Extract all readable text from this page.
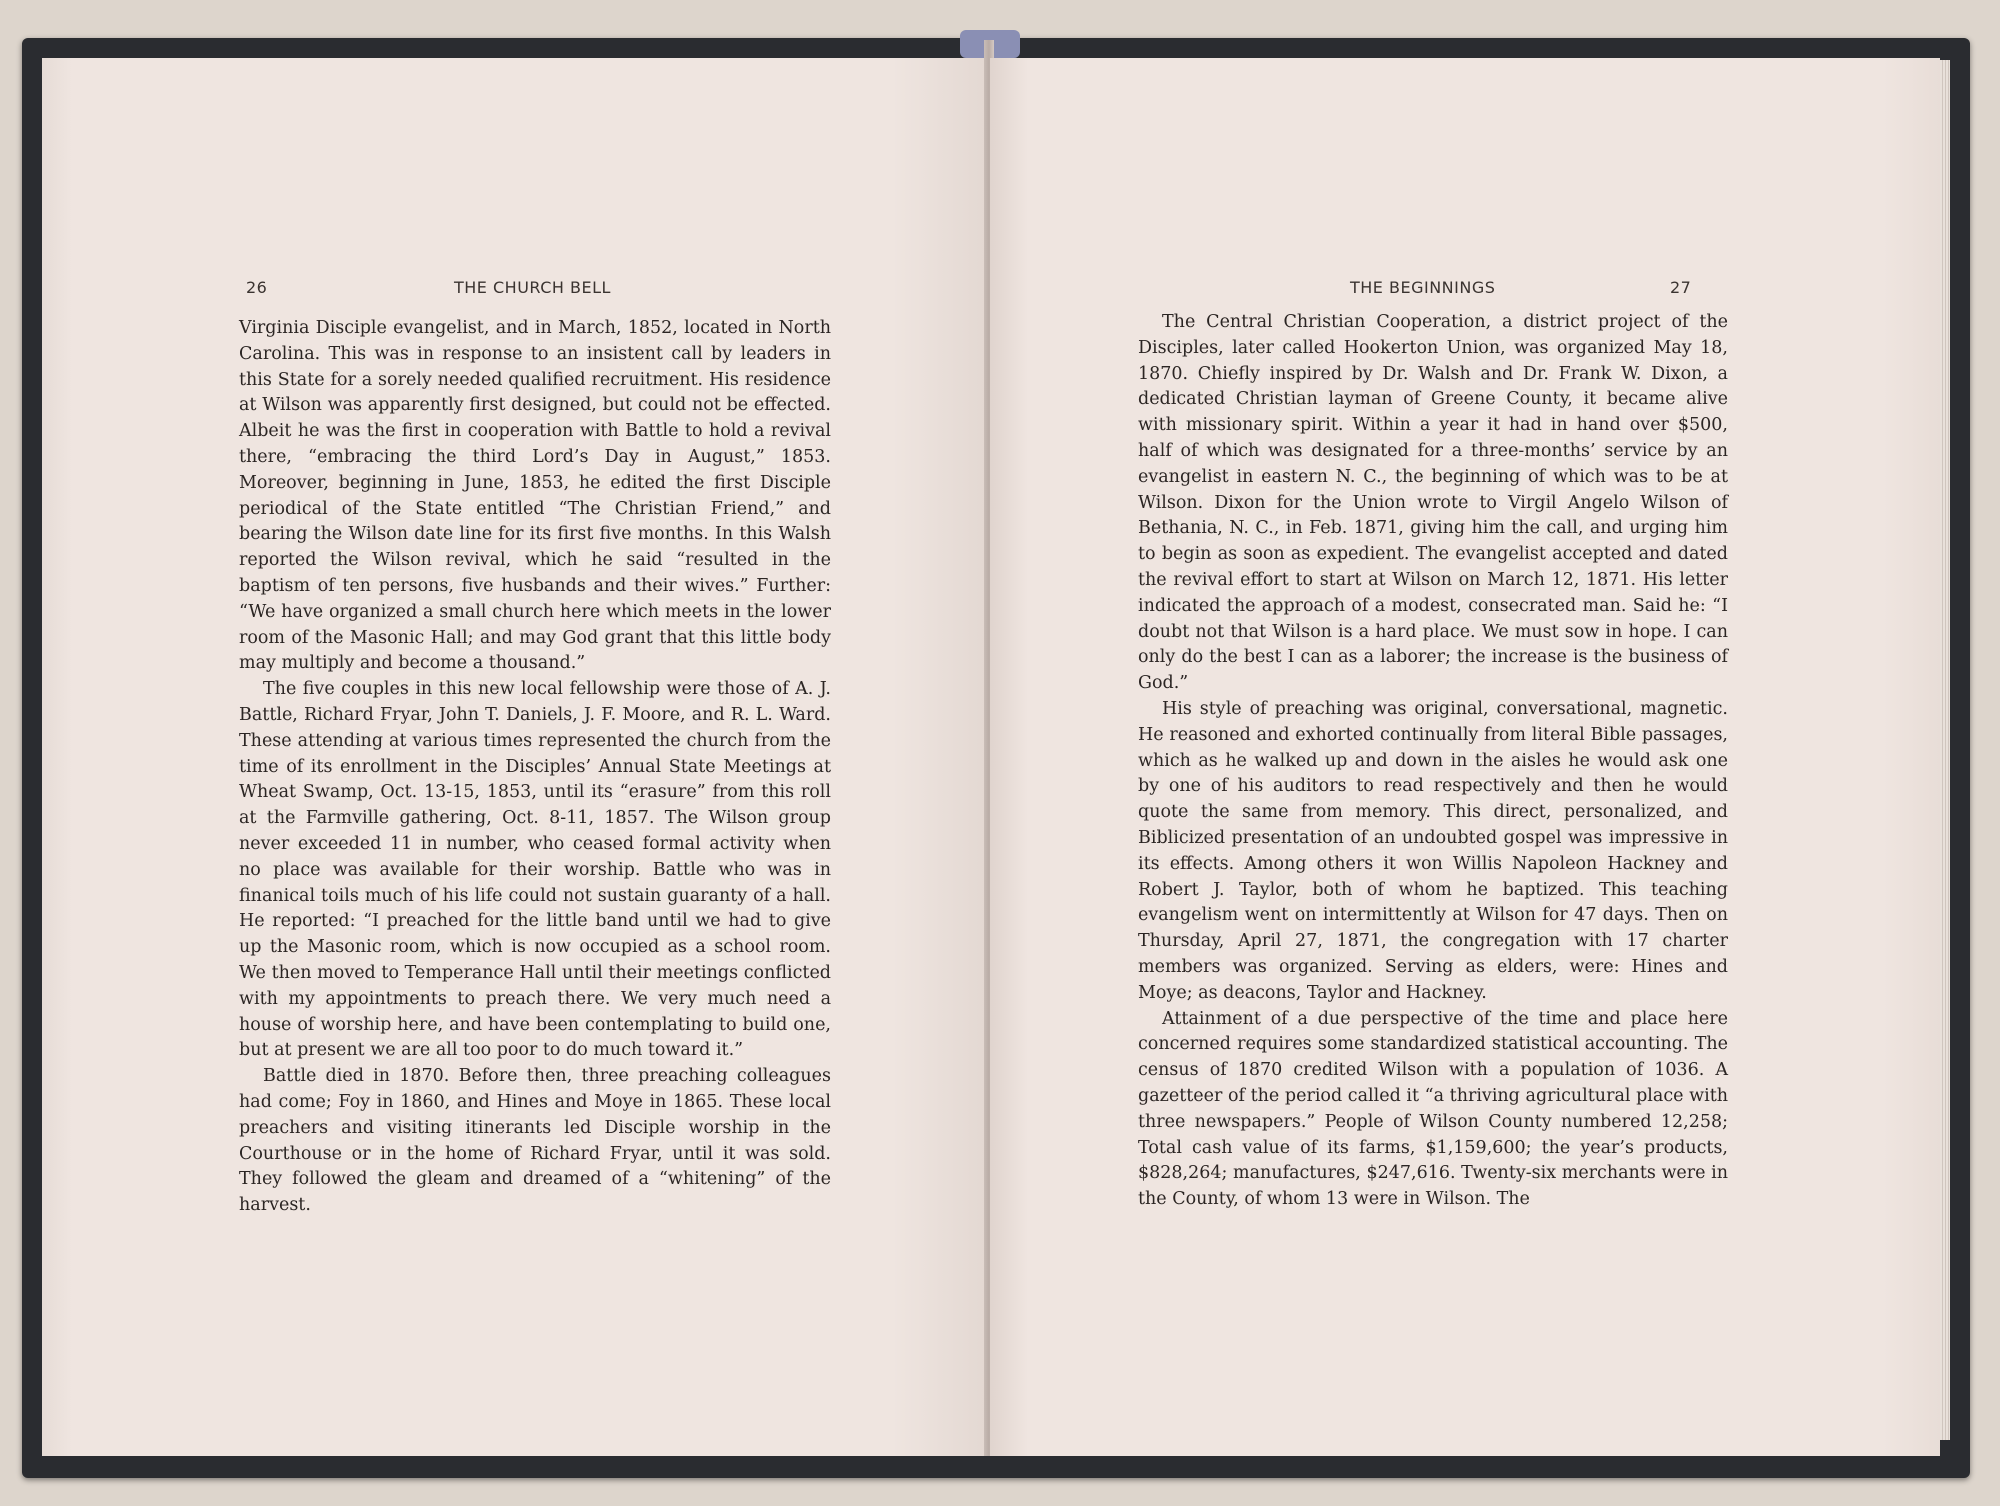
26	THE CHURCH BELL

Virginia Disciple evangelist, and in March, 1852, located in North Carolina. This was in response to an insistent call by leaders in this State for a sorely needed qualified recruitment. His residence at Wilson was apparently first designed, but could not be effected. Albeit he was the first in cooperation with Battle to hold a revival there, “embracing the third Lord’s Day in August,” 1853. Moreover, beginning in June, 1853, he edited the first Disciple periodical of the State entitled “The Christian Friend,” and bearing the Wilson date line for its first five months. In this Walsh reported the Wilson revival, which he said “resulted in the baptism of ten persons, five husbands and their wives.” Further: “We have organized a small church here which meets in the lower room of the Masonic Hall; and may God grant that this little body may multiply and become a thousand.”

The five couples in this new local fellowship were those of A. J. Battle, Richard Fryar, John T. Daniels, J. F. Moore, and R. L. Ward. These attending at various times represented the church from the time of its enrollment in the Disciples’ Annual State Meetings at Wheat Swamp, Oct. 13-15, 1853, until its “erasure” from this roll at the Farmville gathering, Oct. 8-11, 1857. The Wilson group never exceeded 11 in number, who ceased formal activity when no place was available for their worship. Battle who was in finanical toils much of his life could not sustain guaranty of a hall. He reported: “I preached for the little band until we had to give up the Masonic room, which is now occupied as a school room. We then moved to Temperance Hall until their meetings conflicted with my appointments to preach there. We very much need a house of worship here, and have been contemplating to build one, but at present we are all too poor to do much toward it.”

Battle died in 1870. Before then, three preaching colleagues had come; Foy in 1860, and Hines and Moye in 1865. These local preachers and visiting itinerants led Disciple worship in the Courthouse or in the home of Richard Fryar, until it was sold. They followed the gleam and dreamed of a “whitening” of the harvest.

THE BEGINNINGS	27

The Central Christian Cooperation, a district project of the Disciples, later called Hookerton Union, was organized May 18, 1870. Chiefly inspired by Dr. Walsh and Dr. Frank W. Dixon, a dedicated Christian layman of Greene County, it became alive with missionary spirit. Within a year it had in hand over $500, half of which was designated for a three-months’ service by an evangelist in eastern N. C., the beginning of which was to be at Wilson. Dixon for the Union wrote to Virgil Angelo Wilson of Bethania, N. C., in Feb. 1871, giving him the call, and urging him to begin as soon as expedient. The evangelist accepted and dated the revival effort to start at Wilson on March 12, 1871. His letter indicated the approach of a modest, consecrated man. Said he: “I doubt not that Wilson is a hard place. We must sow in hope. I can only do the best I can as a laborer; the increase is the business of God.”

His style of preaching was original, conversational, magnetic. He reasoned and exhorted continually from literal Bible passages, which as he walked up and down in the aisles he would ask one by one of his auditors to read respectively and then he would quote the same from memory. This direct, personalized, and Biblicized presentation of an undoubted gospel was impressive in its effects. Among others it won Willis Napoleon Hackney and Robert J. Taylor, both of whom he baptized. This teaching evangelism went on intermittently at Wilson for 47 days. Then on Thursday, April 27, 1871, the congregation with 17 charter members was organized. Serving as elders, were: Hines and Moye; as deacons, Taylor and Hackney.

Attainment of a due perspective of the time and place here concerned requires some standardized statistical accounting. The census of 1870 credited Wilson with a population of 1036. A gazetteer of the period called it “a thriving agricultural place with three newspapers.” People of Wilson County numbered 12,258; Total cash value of its farms, $1,159,600; the year’s products, $828,264; manufactures, $247,616. Twenty-six merchants were in the County, of whom 13 were in Wilson. The
